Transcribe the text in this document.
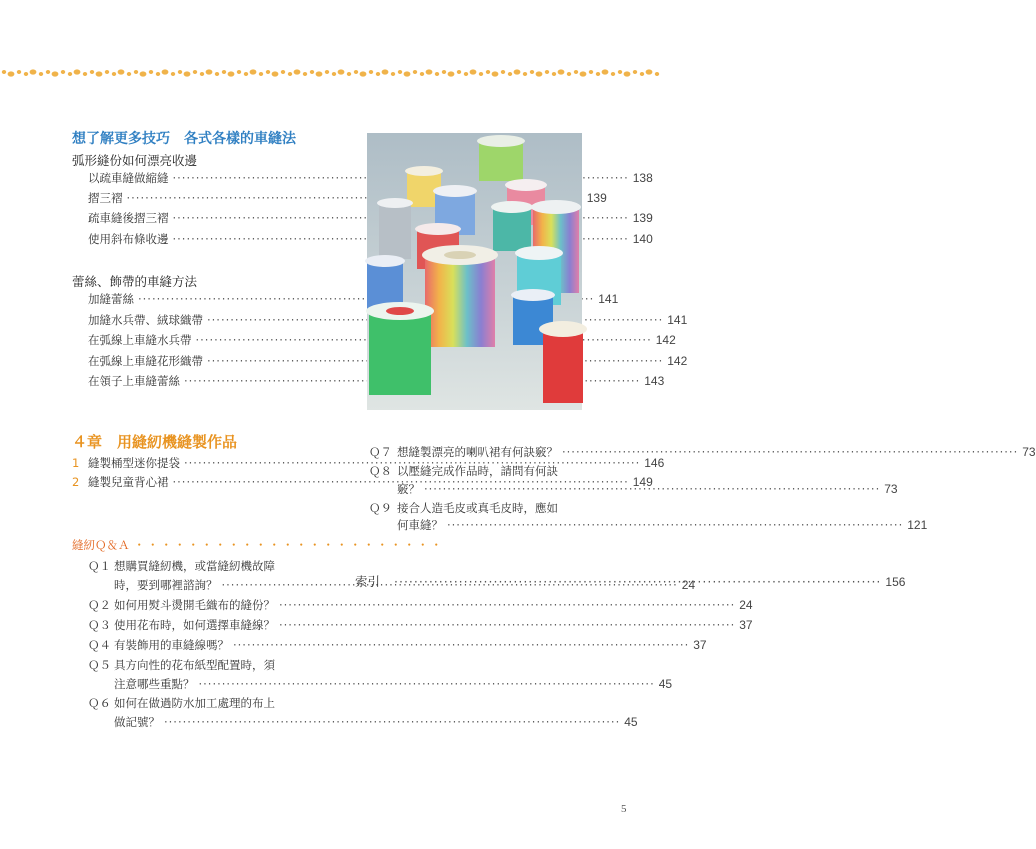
想了解更多技巧　各式各樣的車縫法
弧形縫份如何漂亮收邊
以疏車縫做縮縫 ·····	138
摺三褶 ·····	139
疏車縫後摺三褶 ·····	139
使用斜布條收邊 ·····	140
蕾絲、飾帶的車縫方法
加縫蕾絲 ·····	141
加縫水兵帶、絨球織帶 ·····	141
在弧線上車縫水兵帶 ·····	142
在弧線上車縫花形織帶 ·····	142
在領子上車縫蕾絲 ·····	143
４章　用縫紉機縫製作品
1 縫製桶型迷你提袋 ·····	146
2 縫製兒童背心裙 ·····	149
縫紉Ｑ＆Ａ ・・・・・・・・・・・・・・・・・・・・・・・
Ｑ１ 想購買縫紉機，或當縫紉機故障
時，要到哪裡諮詢？ ·····	24
Ｑ２ 如何用熨斗燙開毛織布的縫份？ ·····	24
Ｑ３ 使用花布時，如何選擇車縫線？ ·····	37
Ｑ４ 有裝飾用的車縫線嗎？ ·····	37
Ｑ５ 具方向性的花布紙型配置時，須
注意哪些重點？ ·····	45
Ｑ６ 如何在做過防水加工處理的布上
做記號？ ·····	45
Ｑ７ 想縫製漂亮的喇叭裙有何訣竅？ ·····	73
Ｑ８ 以壓縫完成作品時，請問有何訣
竅？ ·····	73
Ｑ９ 接合人造毛皮或真毛皮時，應如
何車縫？ ·····	121
索引 ·····	156
5
